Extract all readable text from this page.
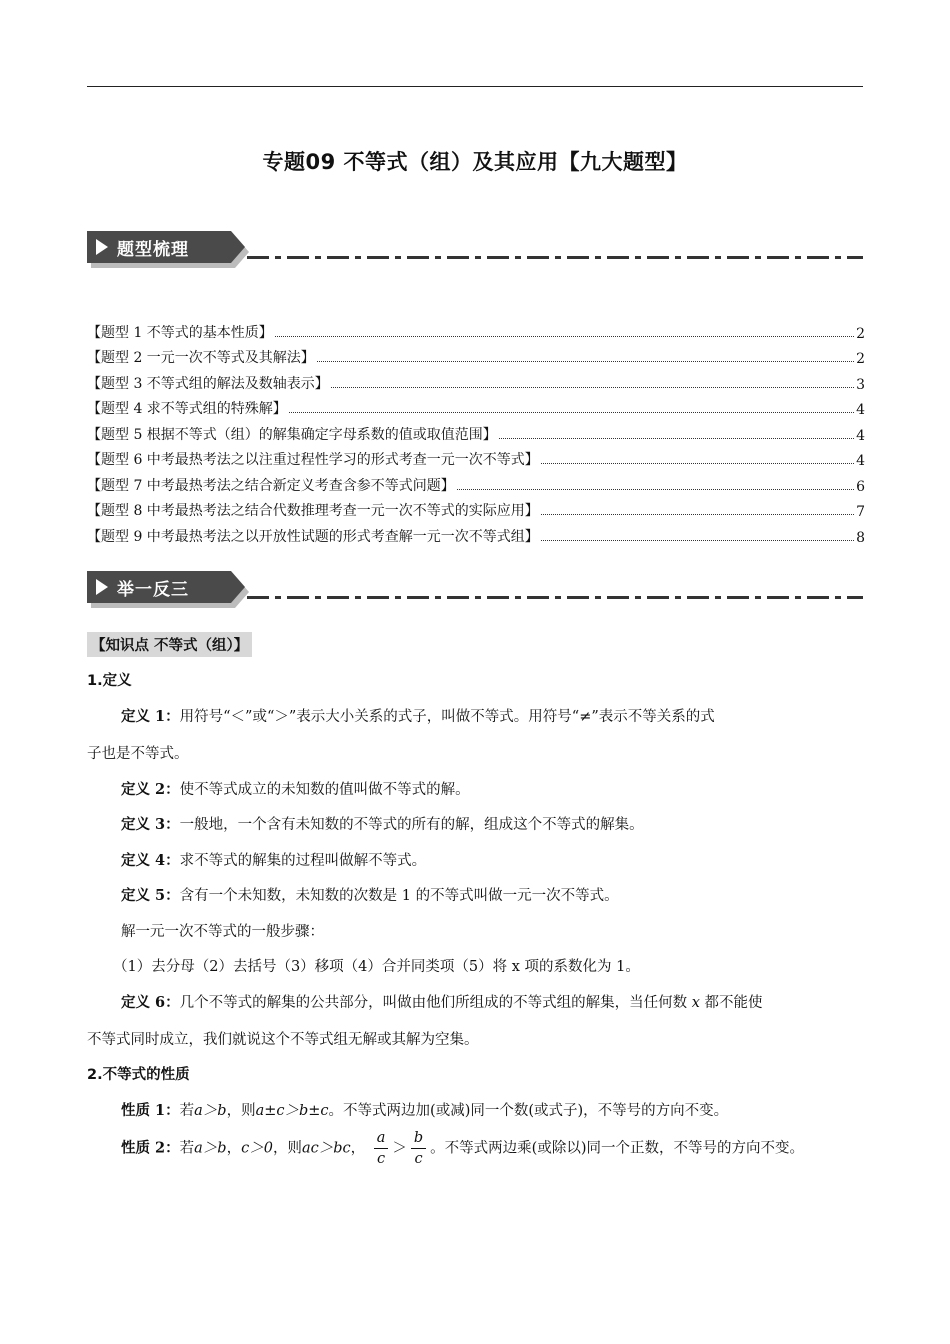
专题09 不等式（组）及其应用【九大题型】
题型梳理
【题型 1 不等式的基本性质】	2
【题型 2 一元一次不等式及其解法】	2
【题型 3 不等式组的解法及数轴表示】	3
【题型 4 求不等式组的特殊解】	4
【题型 5 根据不等式（组）的解集确定字母系数的值或取值范围】	4
【题型 6 中考最热考法之以注重过程性学习的形式考查一元一次不等式】	4
【题型 7 中考最热考法之结合新定义考查含参不等式问题】	6
【题型 8 中考最热考法之结合代数推理考查一元一次不等式的实际应用】	7
【题型 9 中考最热考法之以开放性试题的形式考查解一元一次不等式组】	8
举一反三
【知识点 不等式（组）】
1.定义
定义 1：用符号“＜”或“＞”表示大小关系的式子，叫做不等式。用符号“≠”表示不等关系的式
子也是不等式。
定义 2：使不等式成立的未知数的值叫做不等式的解。
定义 3：一般地，一个含有未知数的不等式的所有的解，组成这个不等式的解集。
定义 4：求不等式的解集的过程叫做解不等式。
定义 5：含有一个未知数，未知数的次数是 1 的不等式叫做一元一次不等式。
解一元一次不等式的一般步骤：
（1）去分母（2）去括号（3）移项（4）合并同类项（5）将 x 项的系数化为 1。
定义 6：几个不等式的解集的公共部分，叫做由他们所组成的不等式组的解集，当任何数 x 都不能使
不等式同时成立，我们就说这个不等式组无解或其解为空集。
2.不等式的性质
性质 1：若a＞b，则a±c＞b±c。不等式两边加(或减)同一个数(或式子)，不等号的方向不变。
性质 2：若a＞b，c＞0，则ac＞bc， $\frac{a}{c} > \frac{b}{c}$ 。不等式两边乘(或除以)同一个正数，不等号的方向不变。
